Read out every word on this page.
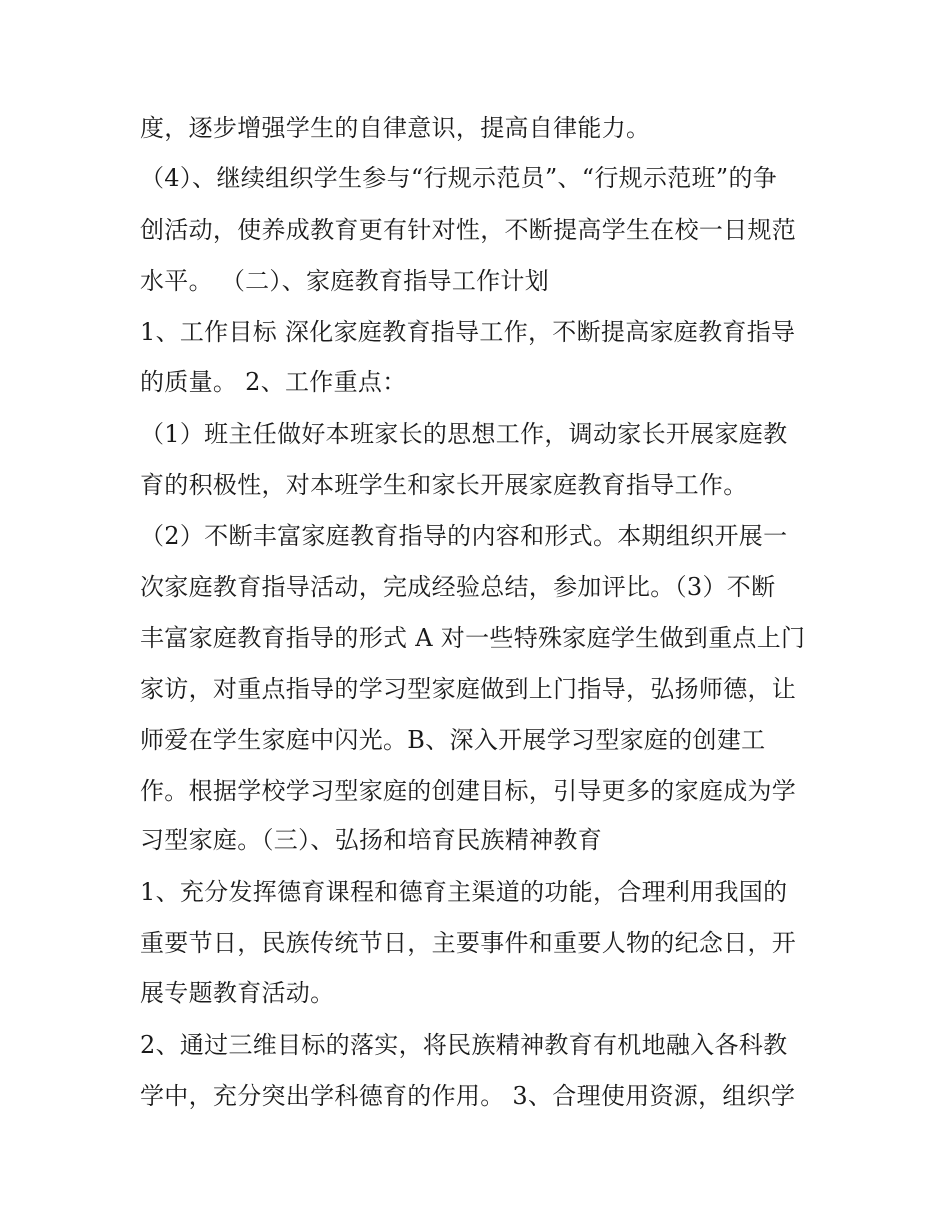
度，逐步增强学生的自律意识，提高自律能力。
（4）、继续组织学生参与“行规示范员”、“行规示范班”的争
创活动，使养成教育更有针对性，不断提高学生在校一日规范
水平。 （二）、家庭教育指导工作计划
1、工作目标 深化家庭教育指导工作，不断提高家庭教育指导
的质量。 2、工作重点：
（1）班主任做好本班家长的思想工作，调动家长开展家庭教
育的积极性，对本班学生和家长开展家庭教育指导工作。
（2）不断丰富家庭教育指导的内容和形式。本期组织开展一
次家庭教育指导活动，完成经验总结，参加评比。（3）不断
丰富家庭教育指导的形式 A 对一些特殊家庭学生做到重点上门
家访，对重点指导的学习型家庭做到上门指导，弘扬师德，让
师爱在学生家庭中闪光。B、深入开展学习型家庭的创建工
作。根据学校学习型家庭的创建目标，引导更多的家庭成为学
习型家庭。（三）、弘扬和培育民族精神教育
1、充分发挥德育课程和德育主渠道的功能，合理利用我国的
重要节日，民族传统节日，主要事件和重要人物的纪念日，开
展专题教育活动。
2、通过三维目标的落实，将民族精神教育有机地融入各科教
学中，充分突出学科德育的作用。 3、合理使用资源，组织学
